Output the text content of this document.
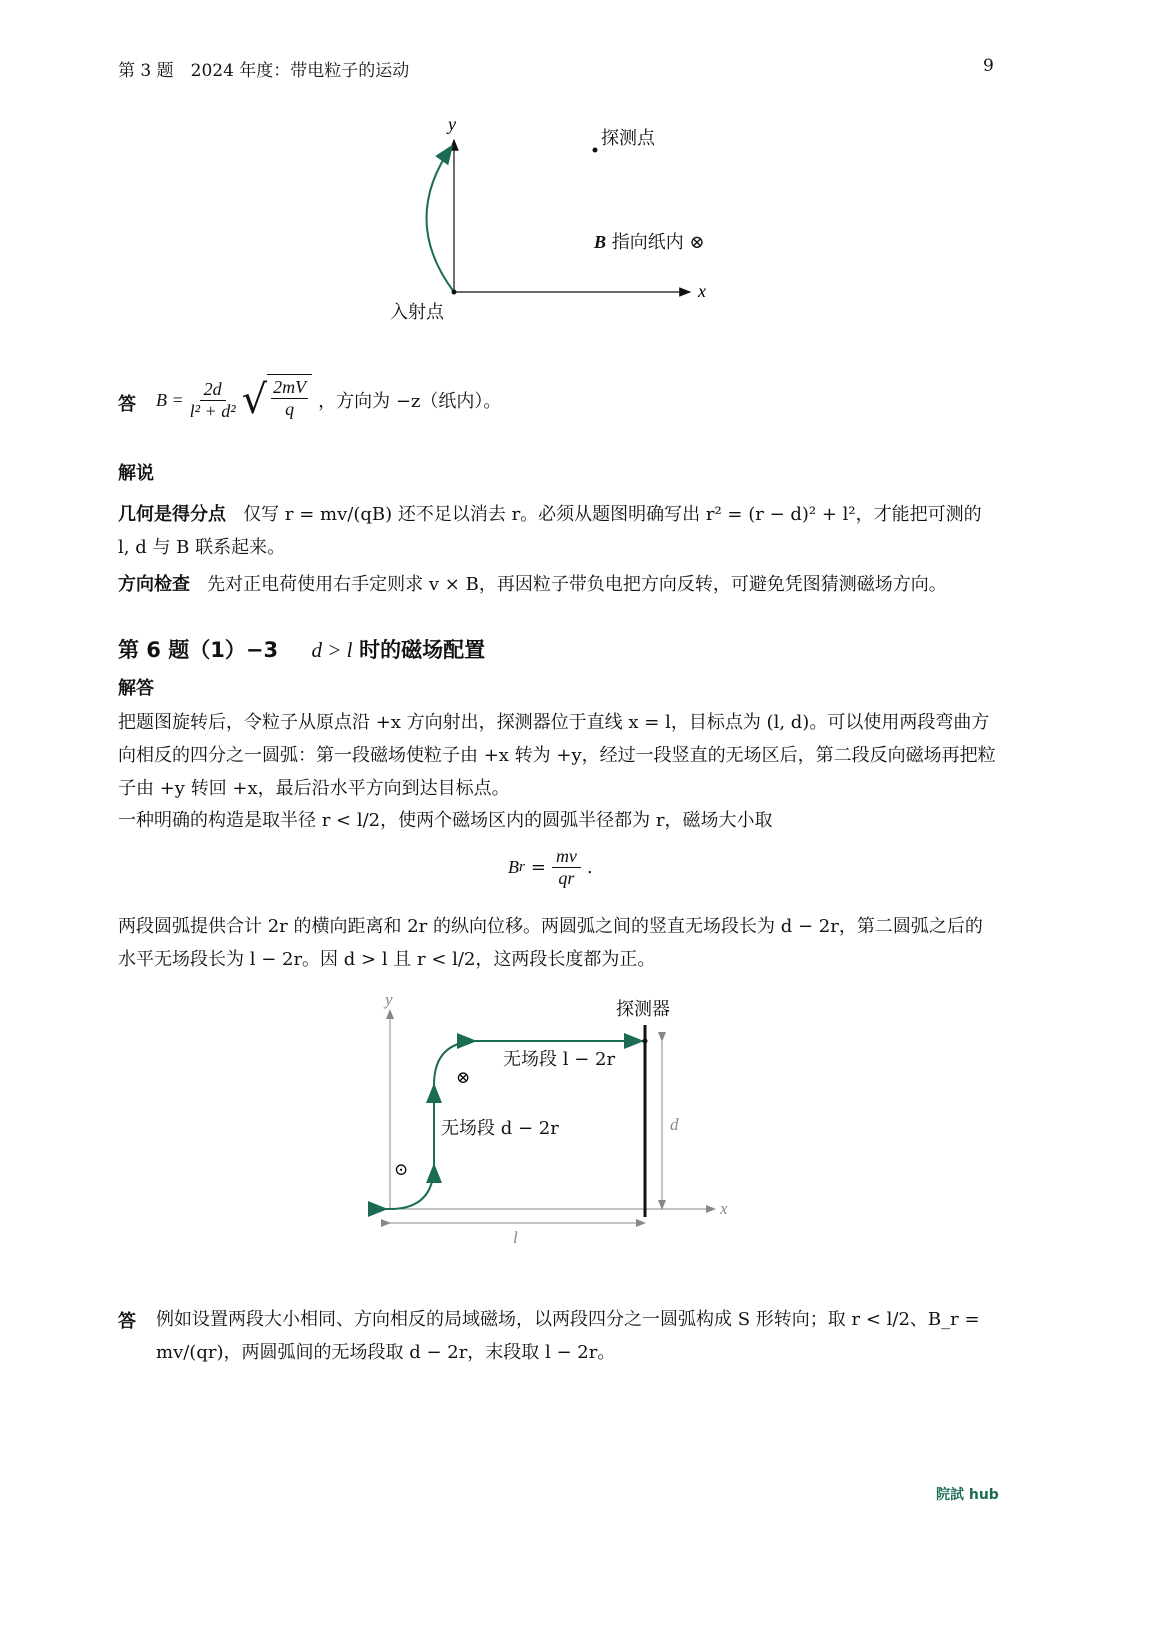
第 3 题　2024 年度：带电粒子的运动	9
y
x
探测点
B 指向纸内 ⊗
入射点
答 $B = \frac{2d}{\text{l² + d²}}$ √ 2mV
q ，方向为 −z（纸内）。
解说
几何是得分点 仅写 r = mv/(qB) 还不足以消去 r。必须从题图明确写出 r² = (r − d)² + l²，才能把可测的 l, d 与 B 联系起来。
方向检查 先对正电荷使用右手定则求 v × B，再因粒子带负电把方向反转，可避免凭图猜测磁场方向。
第 6 题（1）−3 d > l 时的磁场配置
解答
把题图旋转后，令粒子从原点沿 +x 方向射出，探测器位于直线 x = l，目标点为 (l, d)。可以使用两段弯曲方向相反的四分之一圆弧：第一段磁场使粒子由 +x 转为 +y，经过一段竖直的无场区后，第二段反向磁场再把粒子由 +y 转回 +x，最后沿水平方向到达目标点。
一种明确的构造是取半径 r < l/2，使两个磁场区内的圆弧半径都为 r，磁场大小取
B $r = \frac{mv}{qr}$ .
两段圆弧提供合计 2r 的横向距离和 2r 的纵向位移。两圆弧之间的竖直无场段长为 d − 2r，第二圆弧之后的水平无场段长为 l − 2r。因 d > l 且 r < l/2，这两段长度都为正。
y
x
d
l
⊗
⊙
探测器
无场段 l − 2r
无场段 d − 2r
答 例如设置两段大小相同、方向相反的局域磁场，以两段四分之一圆弧构成 S 形转向；取 r < l/2、B_r = mv/(qr)，两圆弧间的无场段取 d − 2r，末段取 l − 2r。
院試 hub
